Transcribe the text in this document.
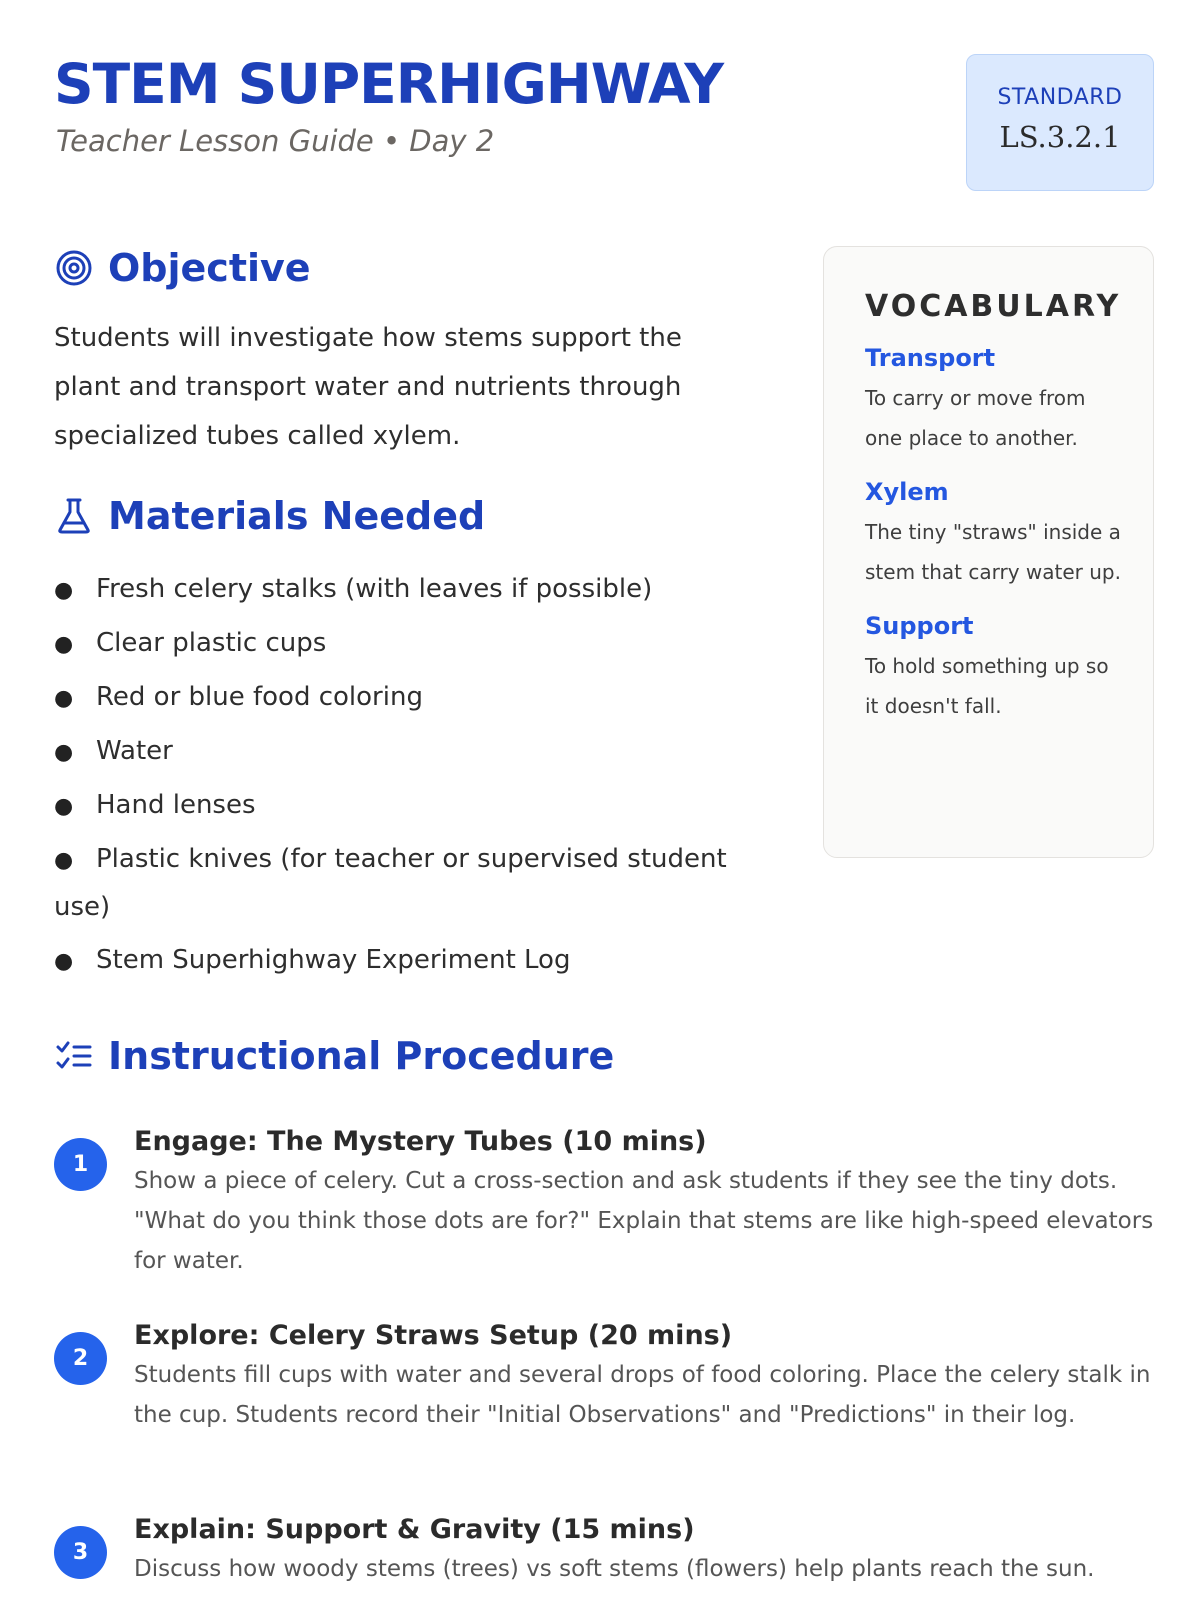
STEM SUPERHIGHWAY
Teacher Lesson Guide • Day 2
STANDARD
LS.3.2.1
Objective

Students will investigate how stems support the plant and transport water and nutrients through specialized tubes called xylem.

Materials Needed
● Fresh celery stalks (with leaves if possible)
● Clear plastic cups
● Red or blue food coloring
● Water
● Hand lenses
● Plastic knives (for teacher or supervised student use)
● Stem Superhighway Experiment Log
VOCABULARY
Transport
To carry or move from one place to another.
Xylem
The tiny "straws" inside a stem that carry water up.
Support
To hold something up so it doesn't fall.
Instructional Procedure
1
Engage: The Mystery Tubes (10 mins)
Show a piece of celery. Cut a cross-section and ask students if they see the tiny dots. "What do you think those dots are for?" Explain that stems are like high-speed elevators for water.
2
Explore: Celery Straws Setup (20 mins)
Students fill cups with water and several drops of food coloring. Place the celery stalk in the cup. Students record their "Initial Observations" and "Predictions" in their log.
3
Explain: Support & Gravity (15 mins)
Discuss how woody stems (trees) vs soft stems (flowers) help plants reach the sun.
